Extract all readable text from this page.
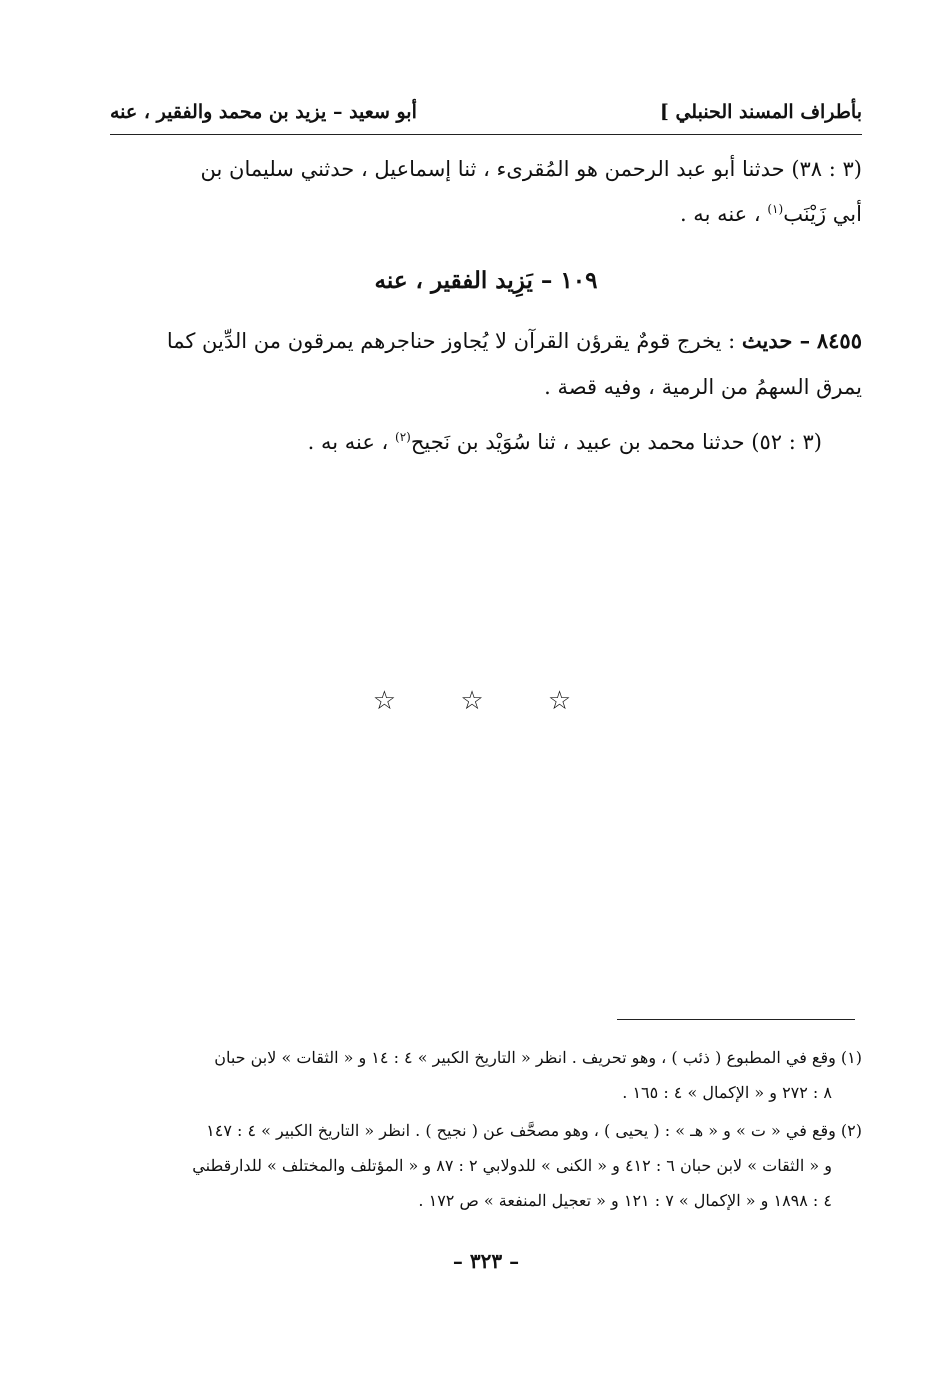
بأطراف المسند الحنبلي ]
أبو سعيد – يزيد بن محمد والفقير ، عنه
(٣ : ٣٨) حدثنا أبو عبد الرحمن هو المُقرىء ، ثنا إسماعيل ، حدثني سليمان بن
أبي زَيْنَب$^{(١)}$ ، عنه به .
١٠٩ – يَزِيد الفقير ، عنه
٨٤٥٥ – حديث : يخرج قومٌ يقرؤن القرآن لا يُجاوز حناجرهم يمرقون من الدِّين كما
يمرق السهمُ من الرمية ، وفيه قصة .
(٣ : ٥٢) حدثنا محمد بن عبيد ، ثنا سُوَيْد بن نَجيح$^{(٢)}$ ، عنه به .
☆ ☆ ☆
(١) وقع في المطبوع ( ذئب ) ، وهو تحريف . انظر « التاريخ الكبير » ٤ : ١٤ و « الثقات » لابن حبان
٨ : ٢٧٢ و « الإكمال » ٤ : ١٦٥ .
(٢) وقع في « ت » و « هـ » : ( يحيى ) ، وهو مصحَّف عن ( نجيح ) . انظر « التاريخ الكبير » ٤ : ١٤٧
و « الثقات » لابن حبان ٦ : ٤١٢ و « الكنى » للدولابي ٢ : ٨٧ و « المؤتلف والمختلف » للدارقطني
٤ : ١٨٩٨ و « الإكمال » ٧ : ١٢١ و « تعجيل المنفعة » ص ١٧٢ .
– ٣٢٣ –
